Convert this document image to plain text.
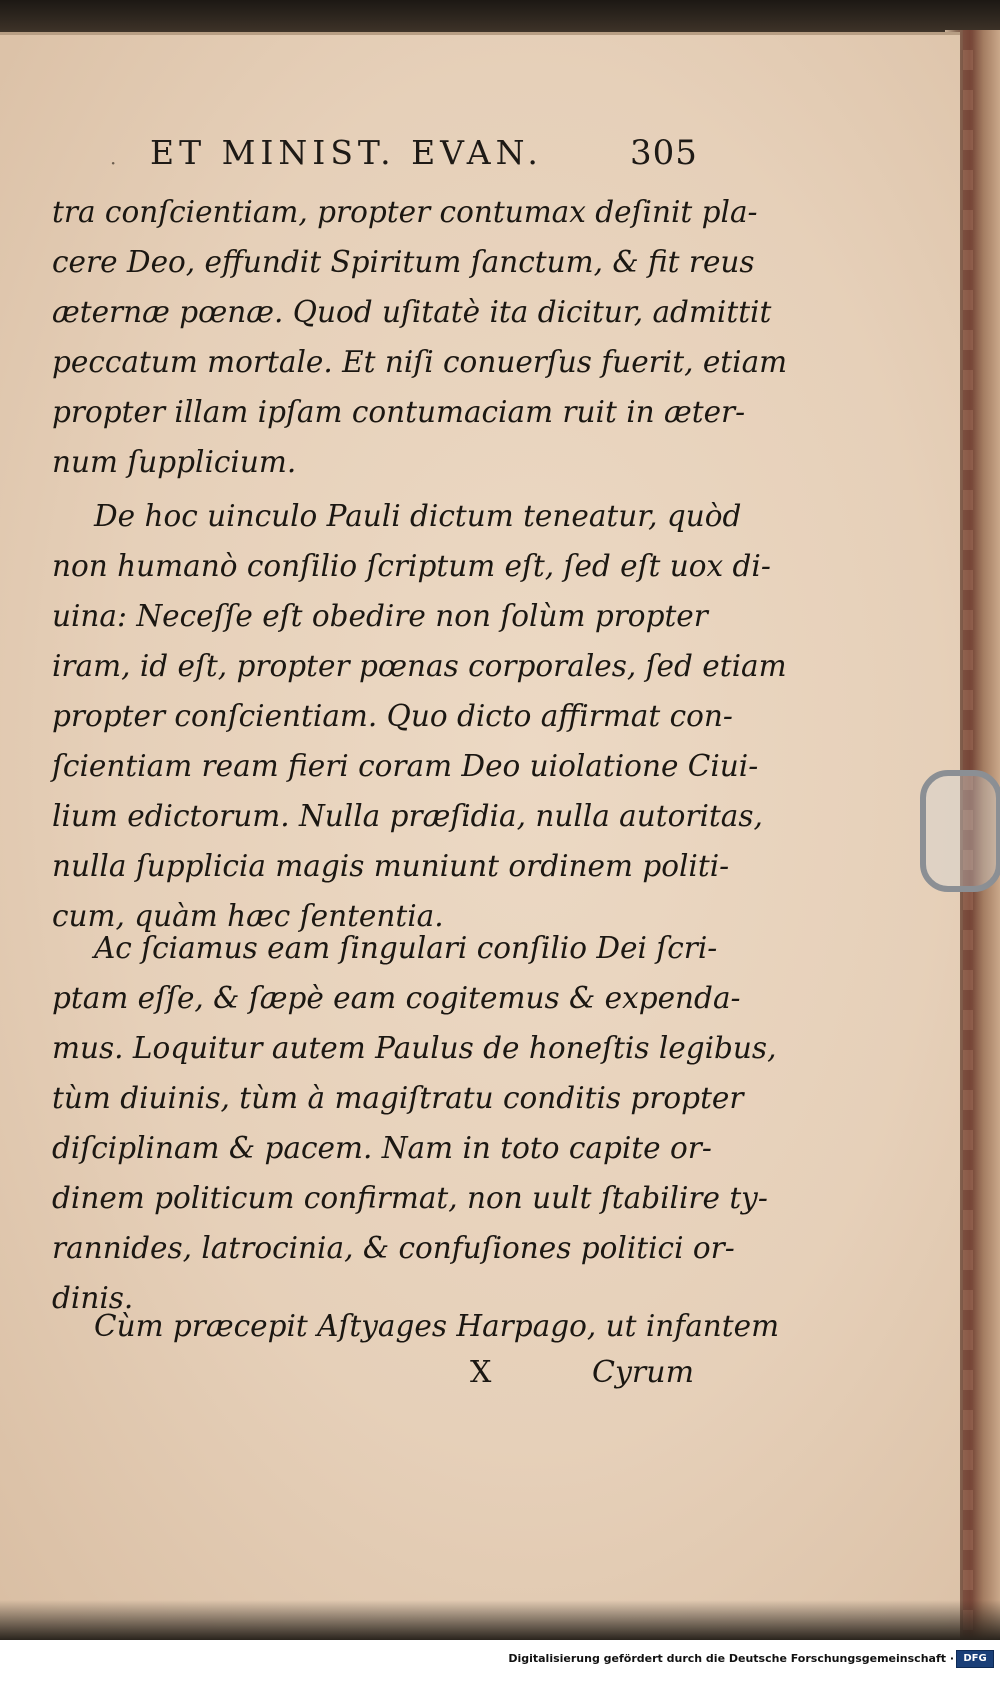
· ET MINIST. EVAN.	305
tra conſcientiam, propter contumax deſinit pla-
cere Deo, effundit Spiritum ſanctum, & fit reus
æternæ pœnæ. Quod uſitatè ita dicitur, admittit
peccatum mortale. Et niſi conuerſus fuerit, etiam
propter illam ipſam contumaciam ruit in æter-
num ſupplicium.
De hoc uinculo Pauli dictum teneatur, quòd
non humanò conſilio ſcriptum eſt, ſed eſt uox di-
uina: Neceſſe eſt obedire non ſolùm propter
iram, id eſt, propter pœnas corporales, ſed etiam
propter conſcientiam. Quo dicto affirmat con-
ſcientiam ream fieri coram Deo uiolatione Ciui-
lium edictorum. Nulla præſidia, nulla autoritas,
nulla ſupplicia magis muniunt ordinem politi-
cum, quàm hæc ſententia.
Ac ſciamus eam ſingulari conſilio Dei ſcri-
ptam eſſe, & ſæpè eam cogitemus & expenda-
mus. Loquitur autem Paulus de honeſtis legibus,
tùm diuinis, tùm à magiſtratu conditis propter
diſciplinam & pacem. Nam in toto capite or-
dinem politicum confirmat, non uult ſtabilire ty-
rannides, latrocinia, & confuſiones politici or-
dinis.
Cùm præcepit Aſtyages Harpago, ut infantem
X	Cyrum
Digitalisierung gefördert durch die Deutsche Forschungsgemeinschaft · DFG
